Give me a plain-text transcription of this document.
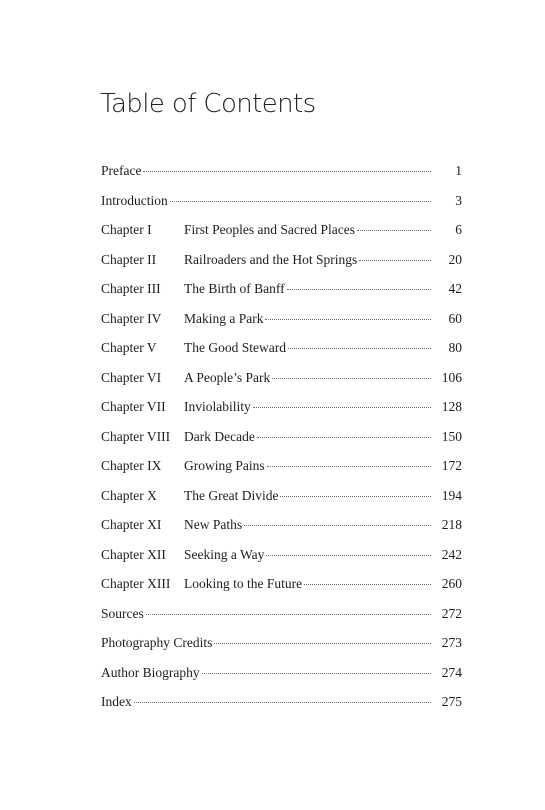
Table of Contents
Preface	1
Introduction	3
Chapter I	First Peoples and Sacred Places	6
Chapter II	Railroaders and the Hot Springs	20
Chapter III	The Birth of Banff	42
Chapter IV	Making a Park	60
Chapter V	The Good Steward	80
Chapter VI	A People’s Park	106
Chapter VII	Inviolability	128
Chapter VIII	Dark Decade	150
Chapter IX	Growing Pains	172
Chapter X	The Great Divide	194
Chapter XI	New Paths	218
Chapter XII	Seeking a Way	242
Chapter XIII	Looking to the Future	260
Sources	272
Photography Credits	273
Author Biography	274
Index	275
